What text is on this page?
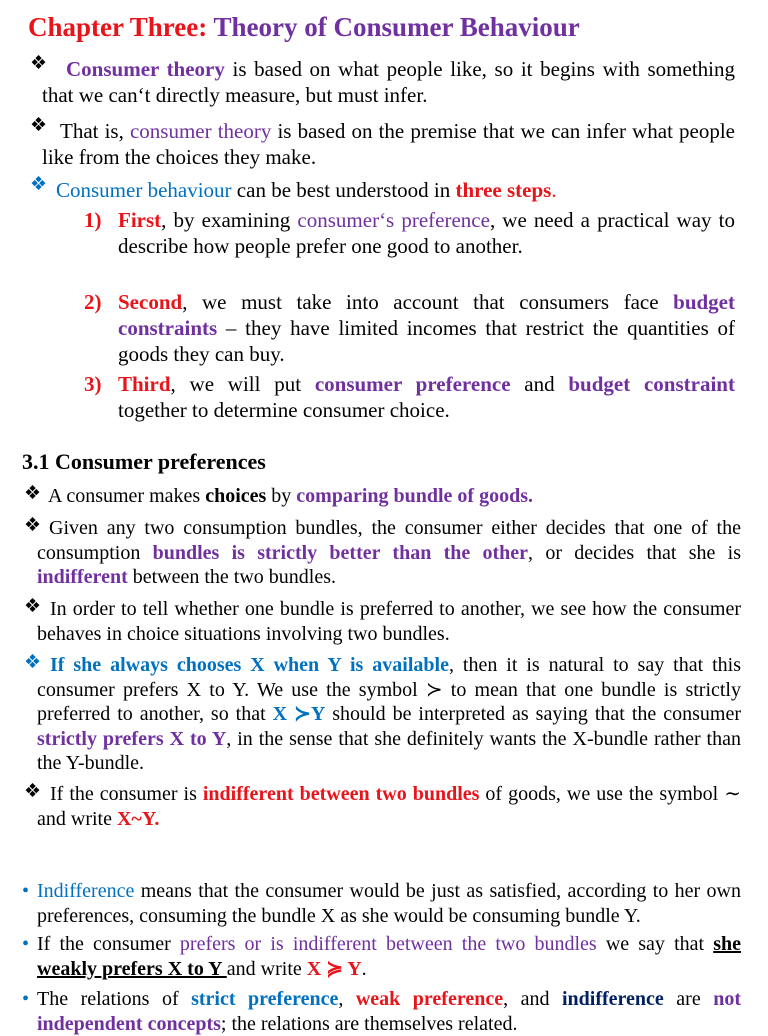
Chapter Three: Theory of Consumer Behaviour
❖ Consumer theory is based on what people like, so it begins with something that we can‘t directly measure, but must infer.
❖ That is, consumer theory is based on the premise that we can infer what people like from the choices they make.
❖ Consumer behaviour can be best understood in three steps.
1) First, by examining consumer‘s preference, we need a practical way to describe how people prefer one good to another.
2) Second, we must take into account that consumers face budget constraints – they have limited incomes that restrict the quantities of goods they can buy.
3) Third, we will put consumer preference and budget constraint together to determine consumer choice.
3.1 Consumer preferences
❖ A consumer makes choices by comparing bundle of goods.
❖ Given any two consumption bundles, the consumer either decides that one of the consumption bundles is strictly better than the other, or decides that she is indifferent between the two bundles.
❖ In order to tell whether one bundle is preferred to another, we see how the consumer behaves in choice situations involving two bundles.
❖ If she always chooses X when Y is available, then it is natural to say that this consumer prefers X to Y. We use the symbol ≻ to mean that one bundle is strictly preferred to another, so that X ≻Y should be interpreted as saying that the consumer strictly prefers X to Y, in the sense that she definitely wants the X-bundle rather than the Y-bundle.
❖ If the consumer is indifferent between two bundles of goods, we use the symbol ∼ and write X~Y.
• Indifference means that the consumer would be just as satisfied, according to her own preferences, consuming the bundle X as she would be consuming bundle Y.
• If the consumer prefers or is indifferent between the two bundles we say that she weakly prefers X to Y and write X ≽ Y.
• The relations of strict preference, weak preference, and indifference are not independent concepts; the relations are themselves related.
